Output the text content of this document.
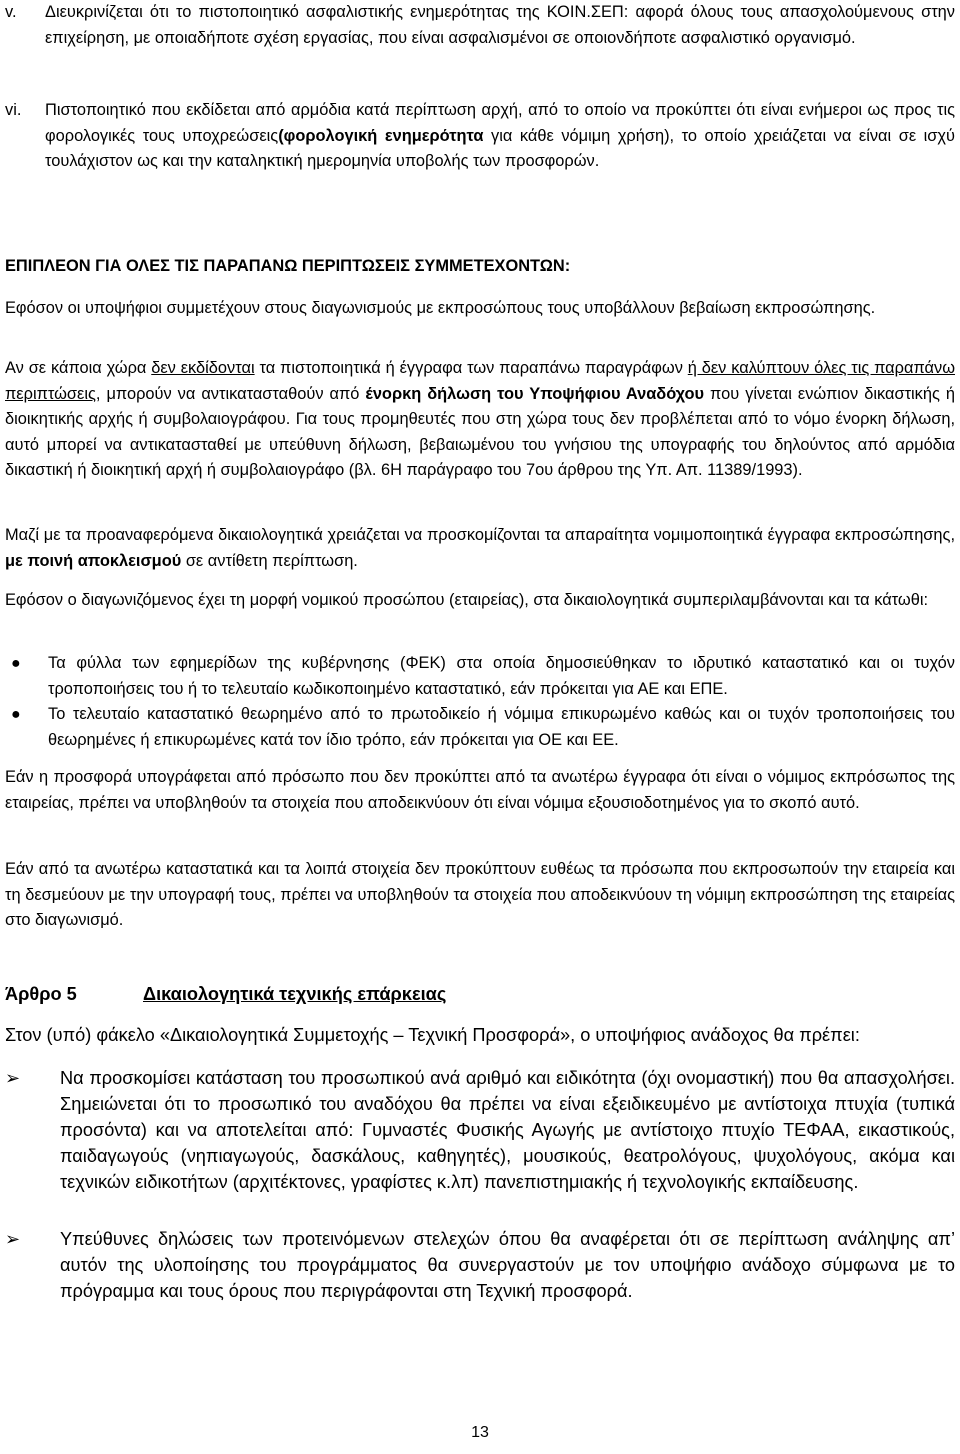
v. Διευκρινίζεται ότι το πιστοποιητικό ασφαλιστικής ενημερότητας της ΚΟΙΝ.ΣΕΠ: αφορά όλους τους απασχολούμενους στην επιχείρηση, με οποιαδήποτε σχέση εργασίας, που είναι ασφαλισμένοι σε οποιονδήποτε ασφαλιστικό οργανισμό.
vi. Πιστοποιητικό που εκδίδεται από αρμόδια κατά περίπτωση αρχή, από το οποίο να προκύπτει ότι είναι ενήμεροι ως προς τις φορολογικές τους υποχρεώσεις(φορολογική ενημερότητα για κάθε νόμιμη χρήση), το οποίο χρειάζεται να είναι σε ισχύ τουλάχιστον ως και την καταληκτική ημερομηνία υποβολής των προσφορών.
ΕΠΙΠΛΕΟΝ ΓΙΑ ΟΛΕΣ ΤΙΣ ΠΑΡΑΠΑΝΩ ΠΕΡΙΠΤΩΣΕΙΣ ΣΥΜΜΕΤΕΧΟΝΤΩΝ:
Εφόσον οι υποψήφιοι συμμετέχουν στους διαγωνισμούς με εκπροσώπους τους υποβάλλουν βεβαίωση εκπροσώπησης.
Αν σε κάποια χώρα δεν εκδίδονται τα πιστοποιητικά ή έγγραφα των παραπάνω παραγράφων ή δεν καλύπτουν όλες τις παραπάνω περιπτώσεις, μπορούν να αντικατασταθούν από ένορκη δήλωση του Υποψήφιου Αναδόχου που γίνεται ενώπιον δικαστικής ή διοικητικής αρχής ή συμβολαιογράφου. Για τους προμηθευτές που στη χώρα τους δεν προβλέπεται από το νόμο ένορκη δήλωση, αυτό μπορεί να αντικατασταθεί με υπεύθυνη δήλωση, βεβαιωμένου του γνήσιου της υπογραφής του δηλούντος από αρμόδια δικαστική ή διοικητική αρχή ή συμβολαιογράφο (βλ. 6Η παράγραφο του 7ου άρθρου της Υπ. Απ. 11389/1993).
Μαζί με τα προαναφερόμενα δικαιολογητικά χρειάζεται να προσκομίζονται τα απαραίτητα νομιμοποιητικά έγγραφα εκπροσώπησης, με ποινή αποκλεισμού σε αντίθετη περίπτωση.
Εφόσον ο διαγωνιζόμενος έχει τη μορφή νομικού προσώπου (εταιρείας), στα δικαιολογητικά συμπεριλαμβάνονται και τα κάτωθι:
● Τα φύλλα των εφημερίδων της κυβέρνησης (ΦΕΚ) στα οποία δημοσιεύθηκαν το ιδρυτικό καταστατικό και οι τυχόν τροποποιήσεις του ή το τελευταίο κωδικοποιημένο καταστατικό, εάν πρόκειται για ΑΕ και ΕΠΕ.
● Το τελευταίο καταστατικό θεωρημένο από το πρωτοδικείο ή νόμιμα επικυρωμένο καθώς και οι τυχόν τροποποιήσεις του θεωρημένες ή επικυρωμένες κατά τον ίδιο τρόπο, εάν πρόκειται για ΟΕ και ΕΕ.
Εάν η προσφορά υπογράφεται από πρόσωπο που δεν προκύπτει από τα ανωτέρω έγγραφα ότι είναι ο νόμιμος εκπρόσωπος της εταιρείας, πρέπει να υποβληθούν τα στοιχεία που αποδεικνύουν ότι είναι νόμιμα εξουσιοδοτημένος για το σκοπό αυτό.
Εάν από τα ανωτέρω καταστατικά και τα λοιπά στοιχεία δεν προκύπτουν ευθέως τα πρόσωπα που εκπροσωπούν την εταιρεία και τη δεσμεύουν με την υπογραφή τους, πρέπει να υποβληθούν τα στοιχεία που αποδεικνύουν τη νόμιμη εκπροσώπηση της εταιρείας στο διαγωνισμό.
Άρθρο 5	Δικαιολογητικά τεχνικής επάρκειας
Στον (υπό) φάκελο «Δικαιολογητικά Συμμετοχής – Τεχνική Προσφορά», ο υποψήφιος ανάδοχος θα πρέπει:
➢ Να προσκομίσει κατάσταση του προσωπικού ανά αριθμό και ειδικότητα (όχι ονομαστική) που θα απασχολήσει. Σημειώνεται ότι το προσωπικό του αναδόχου θα πρέπει να είναι εξειδικευμένο με αντίστοιχα πτυχία (τυπικά προσόντα) και να αποτελείται από: Γυμναστές Φυσικής Αγωγής με αντίστοιχο πτυχίο ΤΕΦΑΑ, εικαστικούς, παιδαγωγούς (νηπιαγωγούς, δασκάλους, καθηγητές), μουσικούς, θεατρολόγους, ψυχολόγους, ακόμα και τεχνικών ειδικοτήτων (αρχιτέκτονες, γραφίστες κ.λπ) πανεπιστημιακής ή τεχνολογικής εκπαίδευσης.
➢ Υπεύθυνες δηλώσεις των προτεινόμενων στελεχών όπου θα αναφέρεται ότι σε περίπτωση ανάληψης απ’ αυτόν της υλοποίησης του προγράμματος θα συνεργαστούν με τον υποψήφιο ανάδοχο σύμφωνα με το πρόγραμμα και τους όρους που περιγράφονται στη Τεχνική προσφορά.
13
